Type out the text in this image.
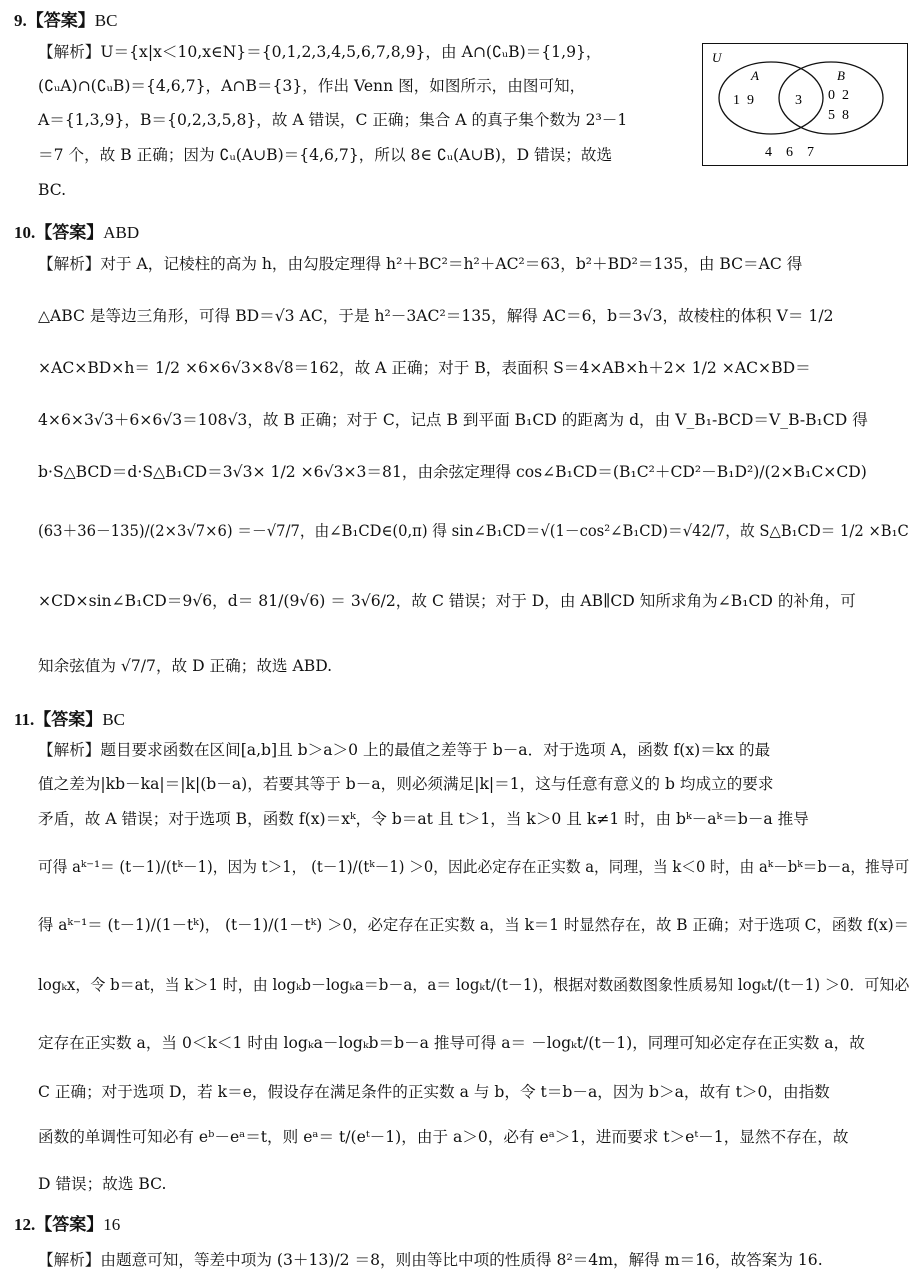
9.【答案】BC
【解析】U＝{x|x＜10,x∈N}＝{0,1,2,3,4,5,6,7,8,9}，由 A∩(∁ᵤB)＝{1,9}，
(∁ᵤA)∩(∁ᵤB)＝{4,6,7}，A∩B＝{3}，作出 Venn 图，如图所示，由图可知，
A＝{1,3,9}，B＝{0,2,3,5,8}，故 A 错误，C 正确；集合 A 的真子集个数为 2³－1
＝7 个，故 B 正确；因为 ∁ᵤ(A∪B)＝{4,6,7}，所以 8∈ ∁ᵤ(A∪B)，D 错误；故选
BC.
U
A	B
1  9	3 0  2
5  8
4    6    7
10.【答案】ABD
【解析】对于 A，记棱柱的高为 h，由勾股定理得 h²＋BC²＝h²＋AC²＝63，b²＋BD²＝135，由 BC＝AC 得
△ABC 是等边三角形，可得 BD＝√3 AC，于是 h²－3AC²＝135，解得 AC＝6，b＝3√3，故棱柱的体积 V＝ 1/2
×AC×BD×h＝ 1/2 ×6×6√3×8√8＝162，故 A 正确；对于 B，表面积 S＝4×AB×h＋2× 1/2 ×AC×BD＝
4×6×3√3＋6×6√3＝108√3，故 B 正确；对于 C，记点 B 到平面 B₁CD 的距离为 d，由 V_B₁-BCD＝V_B-B₁CD 得
b·S△BCD＝d·S△B₁CD＝3√3× 1/2 ×6√3×3＝81，由余弦定理得 cos∠B₁CD＝(B₁C²＋CD²－B₁D²)/(2×B₁C×CD)
(63＋36－135)/(2×3√7×6) ＝－√7/7，由∠B₁CD∈(0,π) 得 sin∠B₁CD＝√(1－cos²∠B₁CD)＝√42/7，故 S△B₁CD＝ 1/2 ×B₁C
×CD×sin∠B₁CD＝9√6，d＝ 81/(9√6) ＝ 3√6/2，故 C 错误；对于 D，由 AB∥CD 知所求角为∠B₁CD 的补角，可
知余弦值为 √7/7，故 D 正确；故选 ABD.
11.【答案】BC
【解析】题目要求函数在区间[a,b]且 b＞a＞0 上的最值之差等于 b－a．对于选项 A，函数 f(x)＝kx 的最
值之差为|kb－ka|＝|k|(b－a)，若要其等于 b－a，则必须满足|k|＝1，这与任意有意义的 b 均成立的要求
矛盾，故 A 错误；对于选项 B，函数 f(x)＝xᵏ，令 b＝at 且 t＞1，当 k＞0 且 k≠1 时，由 bᵏ－aᵏ＝b－a 推导
可得 aᵏ⁻¹＝ (t－1)/(tᵏ－1)，因为 t＞1， (t－1)/(tᵏ－1) ＞0，因此必定存在正实数 a，同理，当 k＜0 时，由 aᵏ－bᵏ＝b－a，推导可
得 aᵏ⁻¹＝ (t－1)/(1－tᵏ)， (t－1)/(1－tᵏ) ＞0，必定存在正实数 a，当 k＝1 时显然存在，故 B 正确；对于选项 C，函数 f(x)＝
logₖx，令 b＝at，当 k＞1 时，由 logₖb－logₖa＝b－a，a＝ logₖt/(t－1)，根据对数函数图象性质易知 logₖt/(t－1) ＞0．可知必
定存在正实数 a，当 0＜k＜1 时由 logₖa－logₖb＝b－a 推导可得 a＝ －logₖt/(t－1)，同理可知必定存在正实数 a，故
C 正确；对于选项 D，若 k＝e，假设存在满足条件的正实数 a 与 b，令 t＝b－a，因为 b＞a，故有 t＞0，由指数
函数的单调性可知必有 eᵇ－eᵃ＝t，则 eᵃ＝ t/(eᵗ－1)，由于 a＞0，必有 eᵃ＞1，进而要求 t＞eᵗ－1，显然不存在，故
D 错误；故选 BC.
12.【答案】16
【解析】由题意可知，等差中项为 (3＋13)/2 ＝8，则由等比中项的性质得 8²＝4m，解得 m＝16，故答案为 16.
